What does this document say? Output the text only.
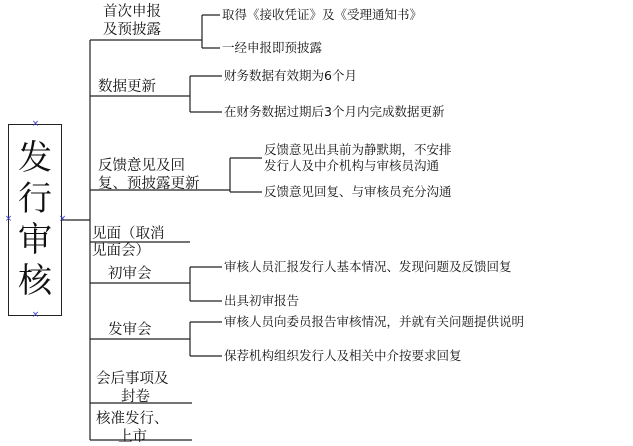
发
行
审
核
×
×	×
×
首次申报
及预披露
数据更新
反馈意见及回
复、预披露更新
见面（取消
见面会）
初审会
发审会
会后事项及
封卷
核准发行、
上市
取得《接收凭证》及《受理通知书》
一经申报即预披露
财务数据有效期为6个月
在财务数据过期后3个月内完成数据更新
反馈意见出具前为静默期，不安排
发行人及中介机构与审核员沟通
反馈意见回复、与审核员充分沟通
审核人员汇报发行人基本情况、发现问题及反馈回复
出具初审报告
审核人员向委员报告审核情况，并就有关问题提供说明
保荐机构组织发行人及相关中介按要求回复
